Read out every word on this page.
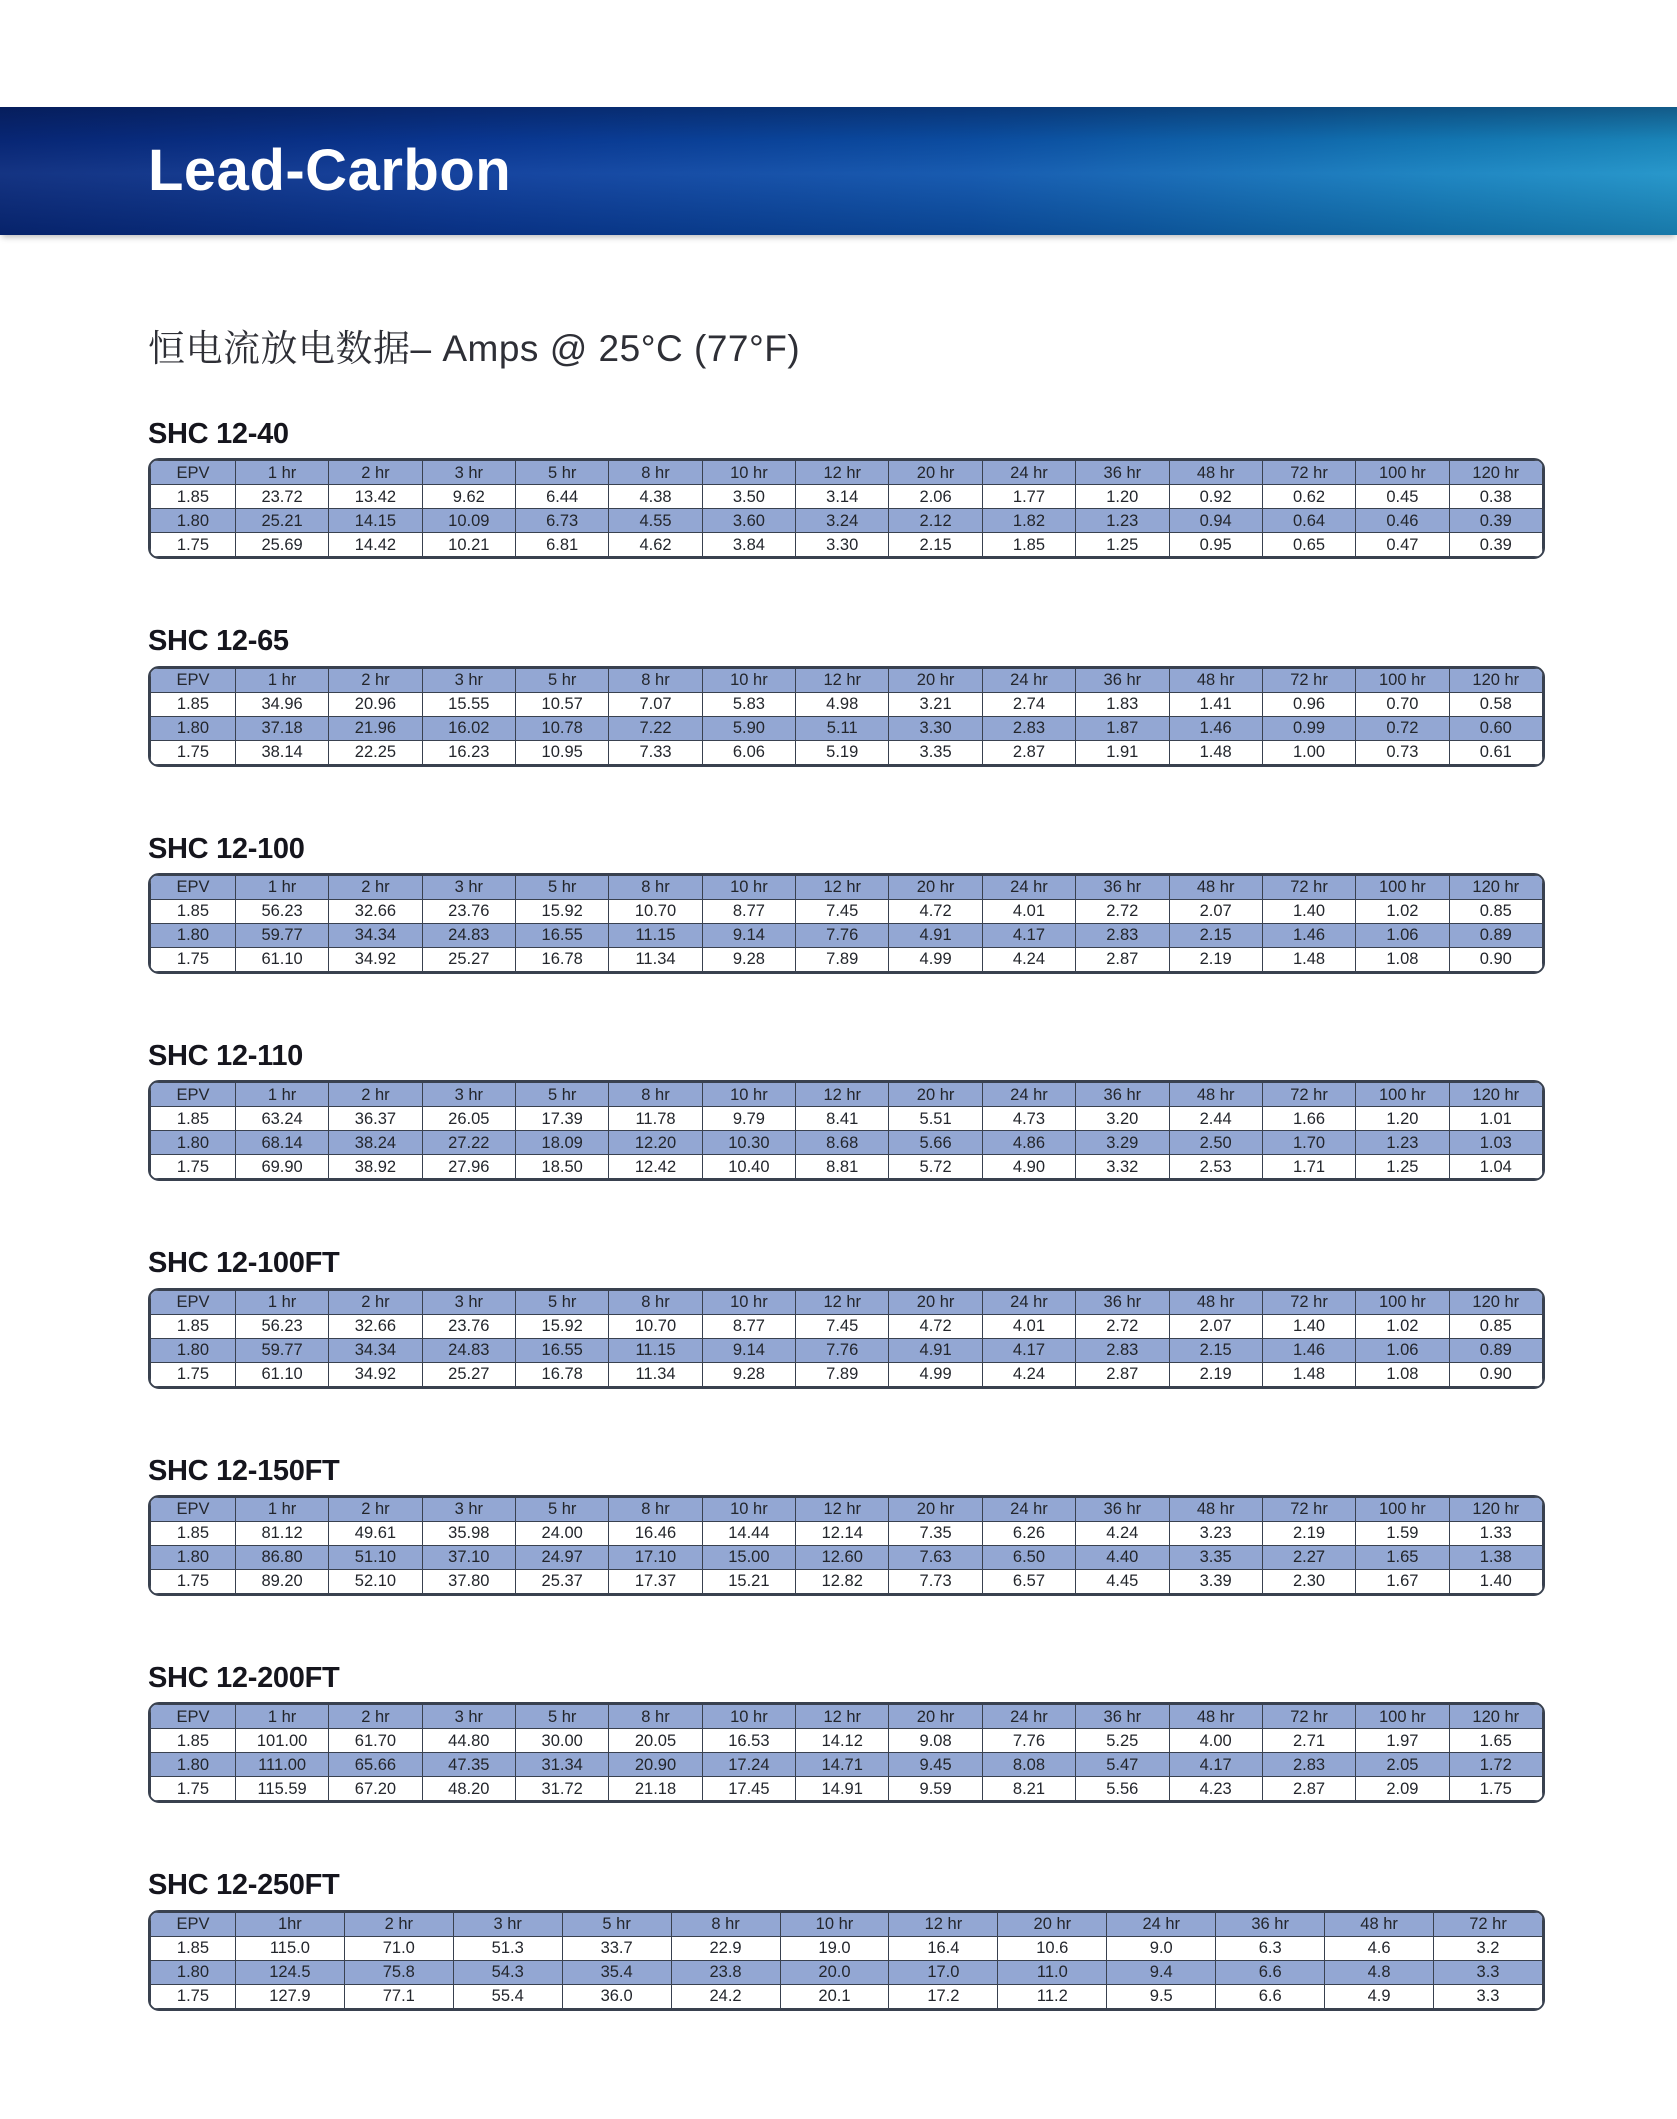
Lead-Carbon
恒电流放电数据– Amps @ 25°C (77°F)
SHC 12-40
EPV	1 hr	2 hr	3 hr	5 hr	8 hr	10 hr	12 hr	20 hr	24 hr	36 hr	48 hr	72 hr	100 hr	120 hr
1.85	23.72	13.42	9.62	6.44	4.38	3.50	3.14	2.06	1.77	1.20	0.92	0.62	0.45	0.38
1.80	25.21	14.15	10.09	6.73	4.55	3.60	3.24	2.12	1.82	1.23	0.94	0.64	0.46	0.39
1.75	25.69	14.42	10.21	6.81	4.62	3.84	3.30	2.15	1.85	1.25	0.95	0.65	0.47	0.39
SHC 12-65
EPV	1 hr	2 hr	3 hr	5 hr	8 hr	10 hr	12 hr	20 hr	24 hr	36 hr	48 hr	72 hr	100 hr	120 hr
1.85	34.96	20.96	15.55	10.57	7.07	5.83	4.98	3.21	2.74	1.83	1.41	0.96	0.70	0.58
1.80	37.18	21.96	16.02	10.78	7.22	5.90	5.11	3.30	2.83	1.87	1.46	0.99	0.72	0.60
1.75	38.14	22.25	16.23	10.95	7.33	6.06	5.19	3.35	2.87	1.91	1.48	1.00	0.73	0.61
SHC 12-100
EPV	1 hr	2 hr	3 hr	5 hr	8 hr	10 hr	12 hr	20 hr	24 hr	36 hr	48 hr	72 hr	100 hr	120 hr
1.85	56.23	32.66	23.76	15.92	10.70	8.77	7.45	4.72	4.01	2.72	2.07	1.40	1.02	0.85
1.80	59.77	34.34	24.83	16.55	11.15	9.14	7.76	4.91	4.17	2.83	2.15	1.46	1.06	0.89
1.75	61.10	34.92	25.27	16.78	11.34	9.28	7.89	4.99	4.24	2.87	2.19	1.48	1.08	0.90
SHC 12-110
EPV	1 hr	2 hr	3 hr	5 hr	8 hr	10 hr	12 hr	20 hr	24 hr	36 hr	48 hr	72 hr	100 hr	120 hr
1.85	63.24	36.37	26.05	17.39	11.78	9.79	8.41	5.51	4.73	3.20	2.44	1.66	1.20	1.01
1.80	68.14	38.24	27.22	18.09	12.20	10.30	8.68	5.66	4.86	3.29	2.50	1.70	1.23	1.03
1.75	69.90	38.92	27.96	18.50	12.42	10.40	8.81	5.72	4.90	3.32	2.53	1.71	1.25	1.04
SHC 12-100FT
EPV	1 hr	2 hr	3 hr	5 hr	8 hr	10 hr	12 hr	20 hr	24 hr	36 hr	48 hr	72 hr	100 hr	120 hr
1.85	56.23	32.66	23.76	15.92	10.70	8.77	7.45	4.72	4.01	2.72	2.07	1.40	1.02	0.85
1.80	59.77	34.34	24.83	16.55	11.15	9.14	7.76	4.91	4.17	2.83	2.15	1.46	1.06	0.89
1.75	61.10	34.92	25.27	16.78	11.34	9.28	7.89	4.99	4.24	2.87	2.19	1.48	1.08	0.90
SHC 12-150FT
EPV	1 hr	2 hr	3 hr	5 hr	8 hr	10 hr	12 hr	20 hr	24 hr	36 hr	48 hr	72 hr	100 hr	120 hr
1.85	81.12	49.61	35.98	24.00	16.46	14.44	12.14	7.35	6.26	4.24	3.23	2.19	1.59	1.33
1.80	86.80	51.10	37.10	24.97	17.10	15.00	12.60	7.63	6.50	4.40	3.35	2.27	1.65	1.38
1.75	89.20	52.10	37.80	25.37	17.37	15.21	12.82	7.73	6.57	4.45	3.39	2.30	1.67	1.40
SHC 12-200FT
EPV	1 hr	2 hr	3 hr	5 hr	8 hr	10 hr	12 hr	20 hr	24 hr	36 hr	48 hr	72 hr	100 hr	120 hr
1.85	101.00	61.70	44.80	30.00	20.05	16.53	14.12	9.08	7.76	5.25	4.00	2.71	1.97	1.65
1.80	111.00	65.66	47.35	31.34	20.90	17.24	14.71	9.45	8.08	5.47	4.17	2.83	2.05	1.72
1.75	115.59	67.20	48.20	31.72	21.18	17.45	14.91	9.59	8.21	5.56	4.23	2.87	2.09	1.75
SHC 12-250FT
EPV	1hr	2 hr	3 hr	5 hr	8 hr	10 hr	12 hr	20 hr	24 hr	36 hr	48 hr	72 hr
1.85	115.0	71.0	51.3	33.7	22.9	19.0	16.4	10.6	9.0	6.3	4.6	3.2
1.80	124.5	75.8	54.3	35.4	23.8	20.0	17.0	11.0	9.4	6.6	4.8	3.3
1.75	127.9	77.1	55.4	36.0	24.2	20.1	17.2	11.2	9.5	6.6	4.9	3.3
